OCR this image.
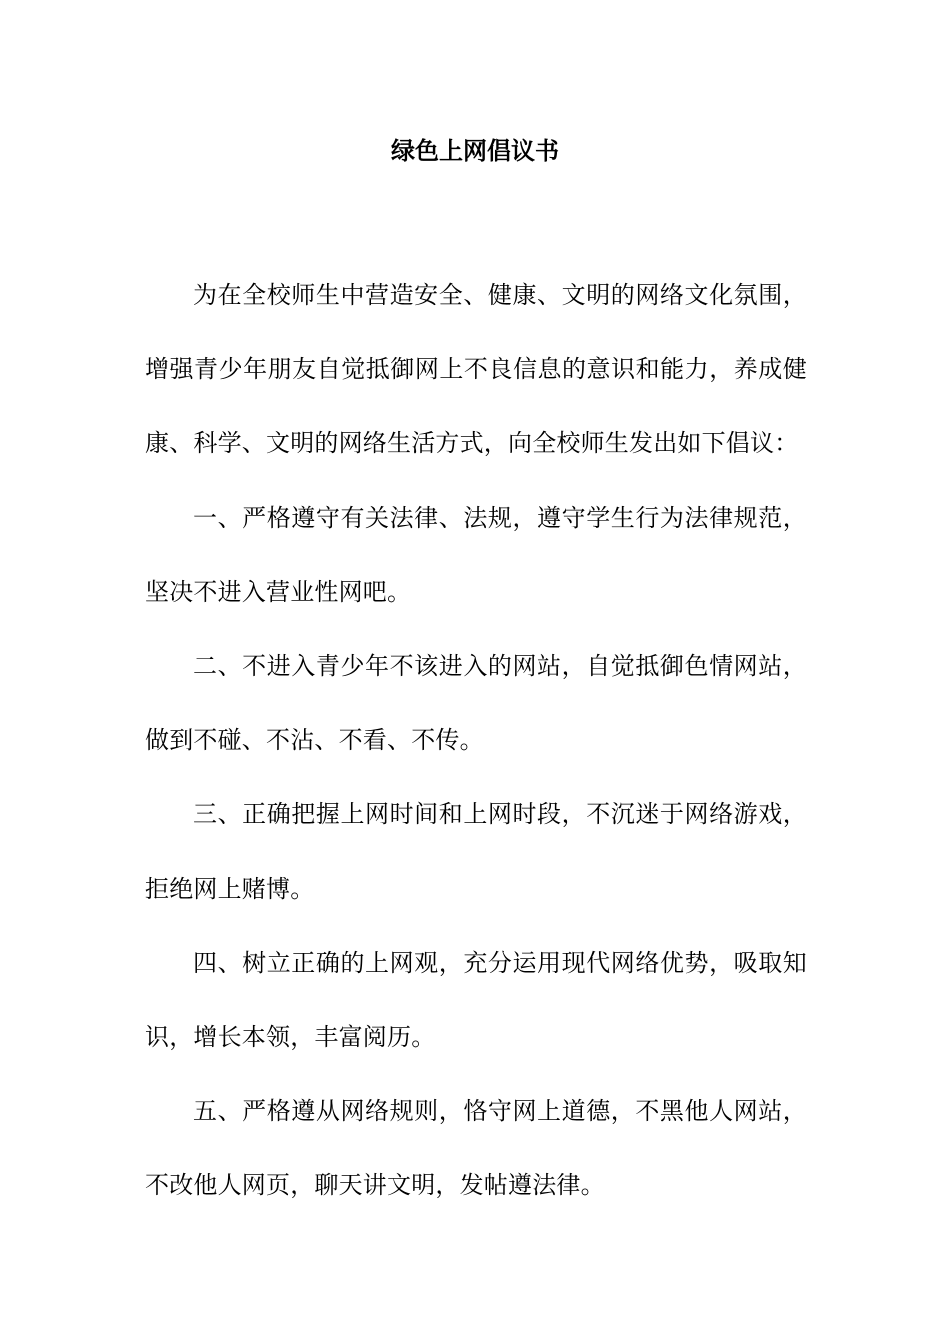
绿色上网倡议书

为在全校师生中营造安全、健康、文明的网络文化氛围，增强青少年朋友自觉抵御网上不良信息的意识和能力，养成健康、科学、文明的网络生活方式，向全校师生发出如下倡议：

一、严格遵守有关法律、法规，遵守学生行为法律规范，坚决不进入营业性网吧。

二、不进入青少年不该进入的网站，自觉抵御色情网站，做到不碰、不沾、不看、不传。

三、正确把握上网时间和上网时段，不沉迷于网络游戏，拒绝网上赌博。

四、树立正确的上网观，充分运用现代网络优势，吸取知识，增长本领，丰富阅历。

五、严格遵从网络规则，恪守网上道德，不黑他人网站，不改他人网页，聊天讲文明，发帖遵法律。
